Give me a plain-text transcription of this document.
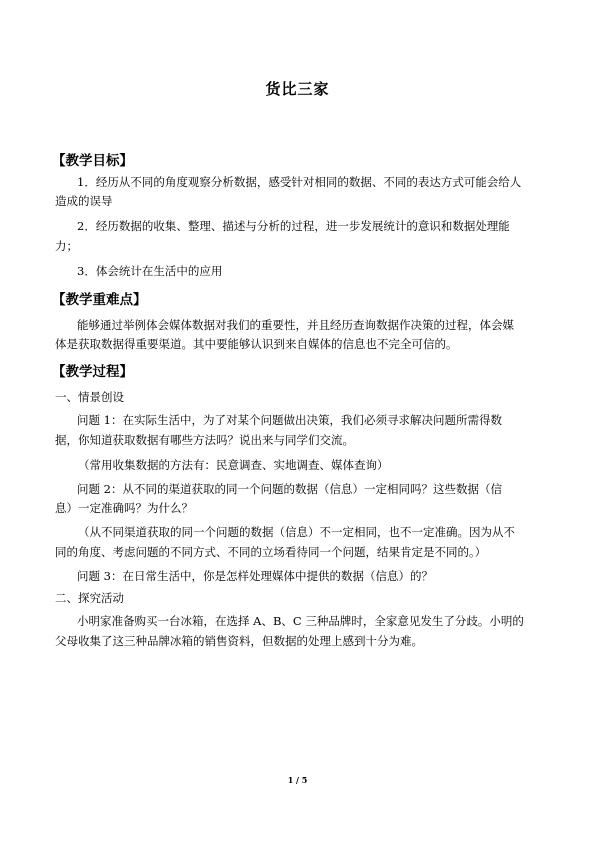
货比三家
【教学目标】
1．经历从不同的角度观察分析数据，感受针对相同的数据、不同的表达方式可能会给人
造成的误导
2．经历数据的收集、整理、描述与分析的过程，进一步发展统计的意识和数据处理能
力；
3．体会统计在生活中的应用
【教学重难点】
能够通过举例体会媒体数据对我们的重要性，并且经历查询数据作决策的过程，体会媒
体是获取数据得重要渠道。其中要能够认识到来自媒体的信息也不完全可信的。
【教学过程】
一、情景创设
问题 1：在实际生活中，为了对某个问题做出决策，我们必须寻求解决问题所需得数
据，你知道获取数据有哪些方法吗？说出来与同学们交流。
（常用收集数据的方法有：民意调查、实地调查、媒体查询）
问题 2：从不同的渠道获取的同一个问题的数据（信息）一定相同吗？这些数据（信
息）一定准确吗？为什么？
（从不同渠道获取的同一个问题的数据（信息）不一定相同，也不一定准确。因为从不
同的角度、考虑问题的不同方式、不同的立场看待同一个问题，结果肯定是不同的。）
问题 3：在日常生活中，你是怎样处理媒体中提供的数据（信息）的？
二、探究活动
小明家准备购买一台冰箱，在选择 A、B、C 三种品牌时，全家意见发生了分歧。小明的
父母收集了这三种品牌冰箱的销售资料，但数据的处理上感到十分为难。
1 / 5
